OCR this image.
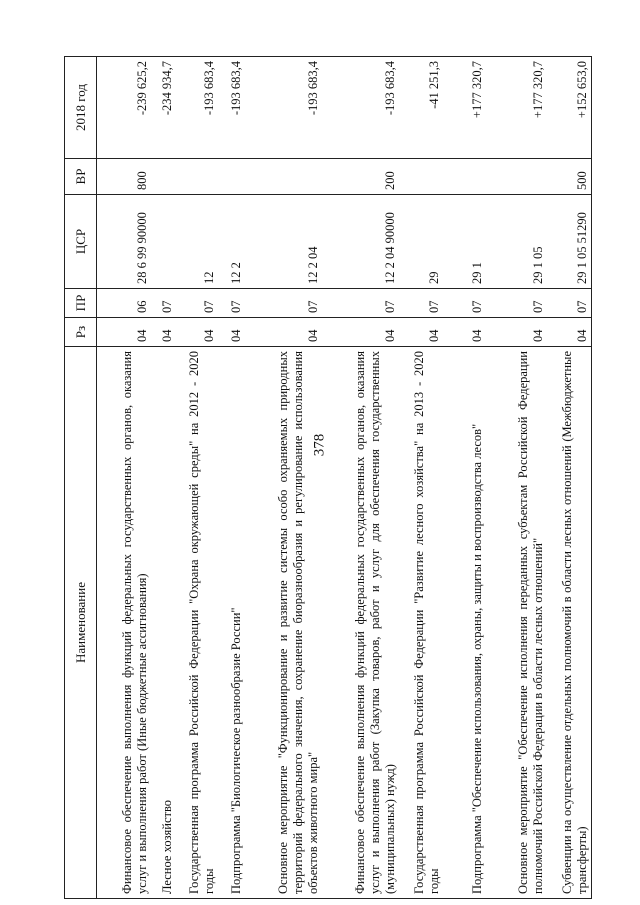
378
Наименование	Рз	ПР	ЦСР	ВР	2018 год
Финансовое обеспечение выполнения функций федеральных государственных органов, оказания услуг и выполнения работ (Иные бюджетные ассигнования)	04	06	28 6 99 90000	800	-239 625,2
Лесное хозяйство	04	07			-234 934,7
Государственная программа Российской Федерации "Охрана окружающей среды" на 2012 - 2020 годы	04	07	12		-193 683,4
Подпрограмма "Биологическое разнообразие России"	04	07	12 2		-193 683,4
Основное мероприятие "Функционирование и развитие системы особо охраняемых природных территорий федерального значения, сохранение биоразнообразия и регулирование использования объектов животного мира"	04	07	12 2 04		-193 683,4
Финансовое обеспечение выполнения функций федеральных государственных органов, оказания услуг и выполнения работ (Закупка товаров, работ и услуг для обеспечения государственных (муниципальных) нужд)	04	07	12 2 04 90000	200	-193 683,4
Государственная программа Российской Федерации "Развитие лесного хозяйства" на 2013 - 2020 годы	04	07	29		-41 251,3
Подпрограмма "Обеспечение использования, охраны, защиты и воспроизводства лесов"	04	07	29 1		+177 320,7
Основное мероприятие "Обеспечение исполнения переданных субъектам Российской Федерации полномочий Российской Федерации в области лесных отношений"	04	07	29 1 05		+177 320,7
Субвенции на осуществление отдельных полномочий в области лесных отношений (Межбюджетные трансферты)	04	07	29 1 05 51290	500	+152 653,0
